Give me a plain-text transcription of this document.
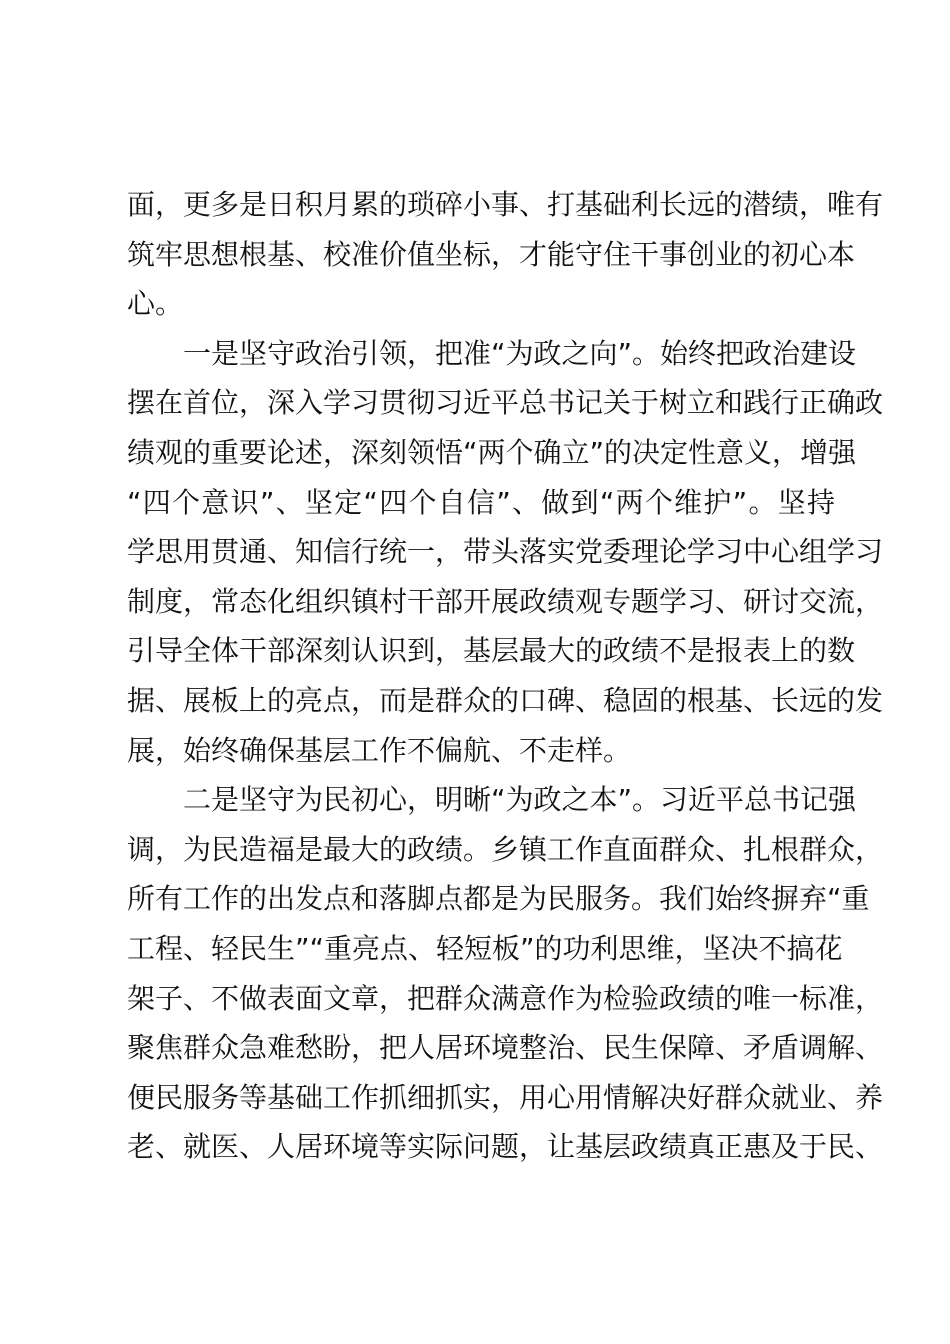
面，更多是日积月累的琐碎小事、打基础利长远的潜绩，唯有
筑牢思想根基、校准价值坐标，才能守住干事创业的初心本
心。
一是坚守政治引领，把准“为政之向”。始终把政治建设
摆在首位，深入学习贯彻习近平总书记关于树立和践行正确政
绩观的重要论述，深刻领悟“两个确立”的决定性意义，增强
“四个意识”、坚定“四个自信”、做到“两个维护”。坚持
学思用贯通、知信行统一，带头落实党委理论学习中心组学习
制度，常态化组织镇村干部开展政绩观专题学习、研讨交流，
引导全体干部深刻认识到，基层最大的政绩不是报表上的数
据、展板上的亮点，而是群众的口碑、稳固的根基、长远的发
展，始终确保基层工作不偏航、不走样。
二是坚守为民初心，明晰“为政之本”。习近平总书记强
调，为民造福是最大的政绩。乡镇工作直面群众、扎根群众，
所有工作的出发点和落脚点都是为民服务。我们始终摒弃“重
工程、轻民生”“重亮点、轻短板”的功利思维，坚决不搞花
架子、不做表面文章，把群众满意作为检验政绩的唯一标准，
聚焦群众急难愁盼，把人居环境整治、民生保障、矛盾调解、
便民服务等基础工作抓细抓实，用心用情解决好群众就业、养
老、就医、人居环境等实际问题，让基层政绩真正惠及于民、
